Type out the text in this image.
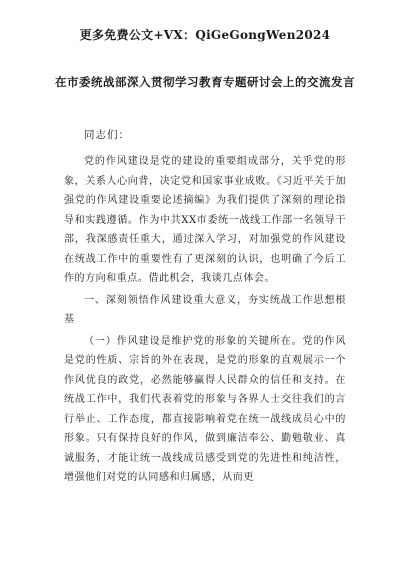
更多免费公文+VX：QiGeGongWen2024
在市委统战部深入贯彻学习教育专题研讨会上的交流发言
同志们：

党的作风建设是党的建设的重要组成部分，关乎党的形象，关系人心向背，决定党和国家事业成败。《习近平关于加强党的作风建设重要论述摘编》为我们提供了深刻的理论指导和实践遵循。作为中共XX市委统一战线工作部一名领导干部，我深感责任重大，通过深入学习，对加强党的作风建设在统战工作中的重要性有了更深刻的认识，也明确了今后工作的方向和重点。借此机会，我谈几点体会。

一、深刻领悟作风建设重大意义，夯实统战工作思想根基

（一）作风建设是维护党的形象的关键所在。党的作风是党的性质、宗旨的外在表现，是党的形象的直观展示一个作风优良的政党，必然能够赢得人民群众的信任和支持。在统战工作中，我们代表着党的形象与各界人士交往我们的言行举止、工作态度，都直接影响着党在统一战线成员心中的形象。只有保持良好的作风，做到廉洁奉公、勤勉敬业、真诚服务，才能让统一战线成员感受到党的先进性和纯洁性，增强他们对党的认同感和归属感，从而更
